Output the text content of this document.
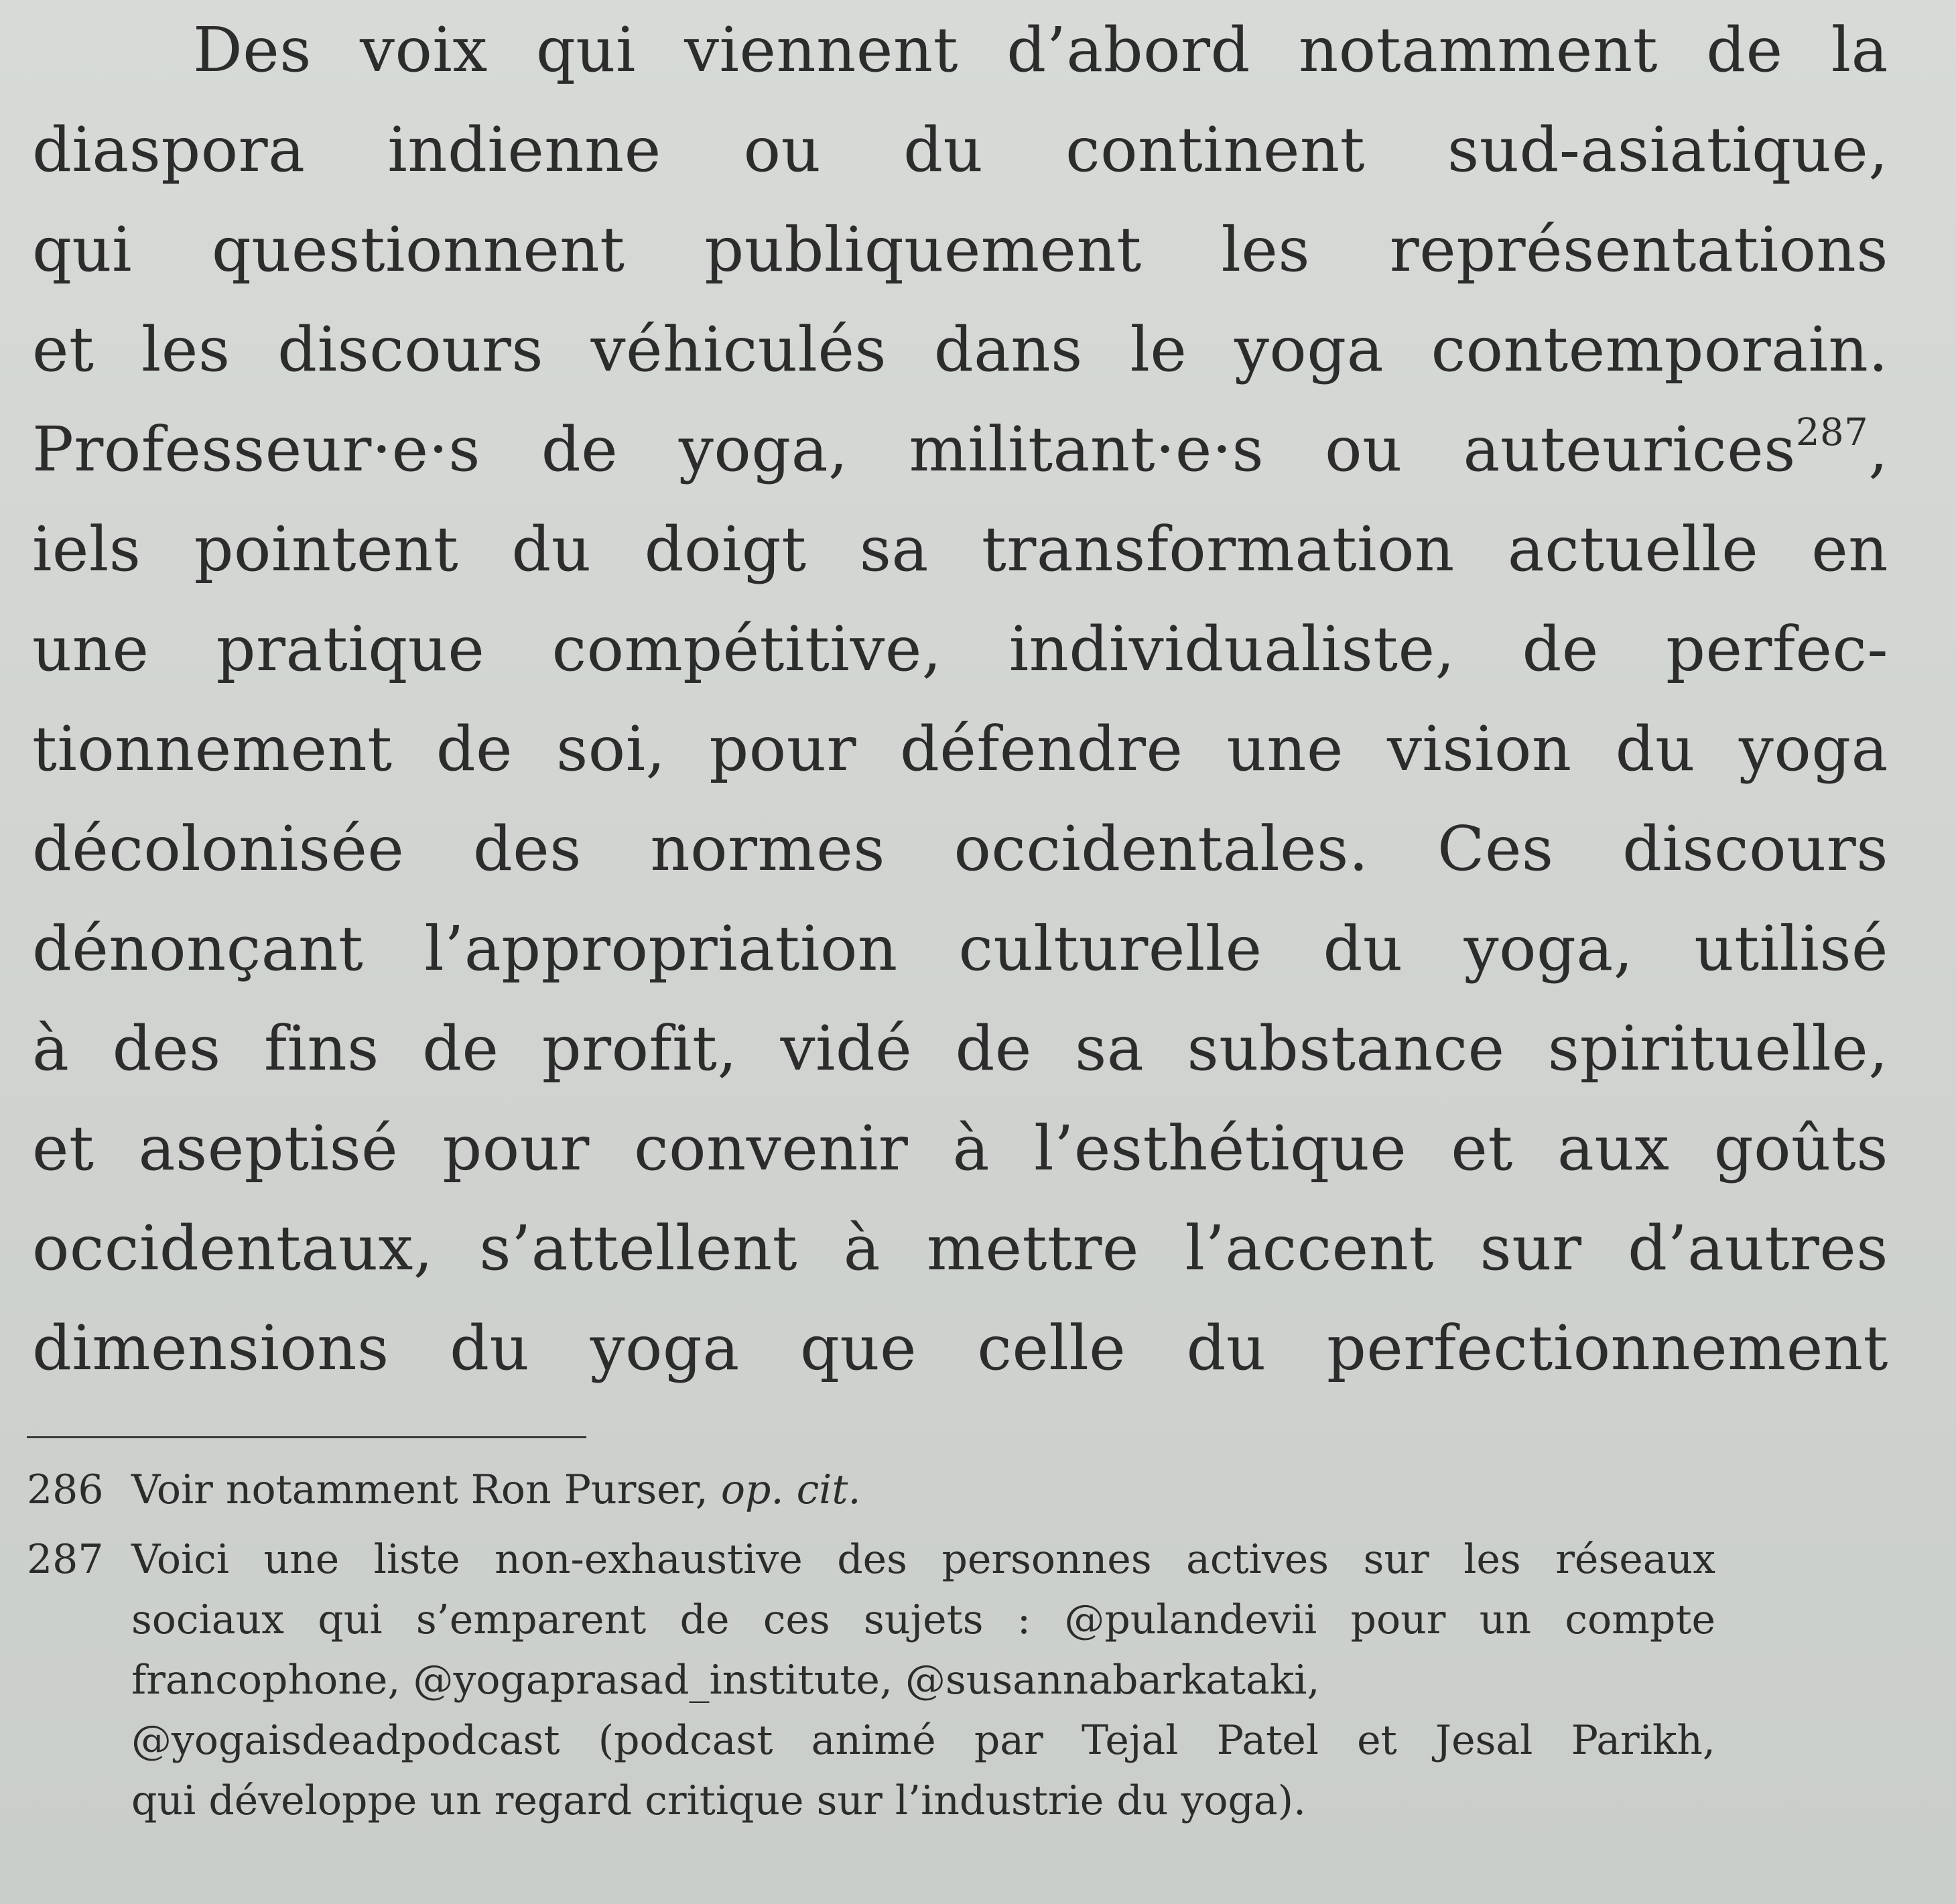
Des voix qui viennent d’abord notamment de la
diaspora indienne ou du continent sud-asiatique,
qui questionnent publiquement les représentations
et les discours véhiculés dans le yoga contemporain.
Professeur·e·s de yoga, militant·e·s ou auteurices$^{287}$,
iels pointent du doigt sa transformation actuelle en
une pratique compétitive, individualiste, de perfec-
tionnement de soi, pour défendre une vision du yoga
décolonisée des normes occidentales. Ces discours
dénonçant l’appropriation culturelle du yoga, utilisé
à des fins de profit, vidé de sa substance spirituelle,
et aseptisé pour convenir à l’esthétique et aux goûts
occidentaux, s’attellent à mettre l’accent sur d’autres
dimensions du yoga que celle du perfectionnement
286 Voir notamment Ron Purser, op. cit.
287 Voici une liste non-exhaustive des personnes actives sur les réseaux
sociaux qui s’emparent de ces sujets : @pulandevii pour un compte
francophone, @yogaprasad_institute, @susannabarkataki,
@yogaisdeadpodcast (podcast animé par Tejal Patel et Jesal Parikh,
qui développe un regard critique sur l’industrie du yoga).
